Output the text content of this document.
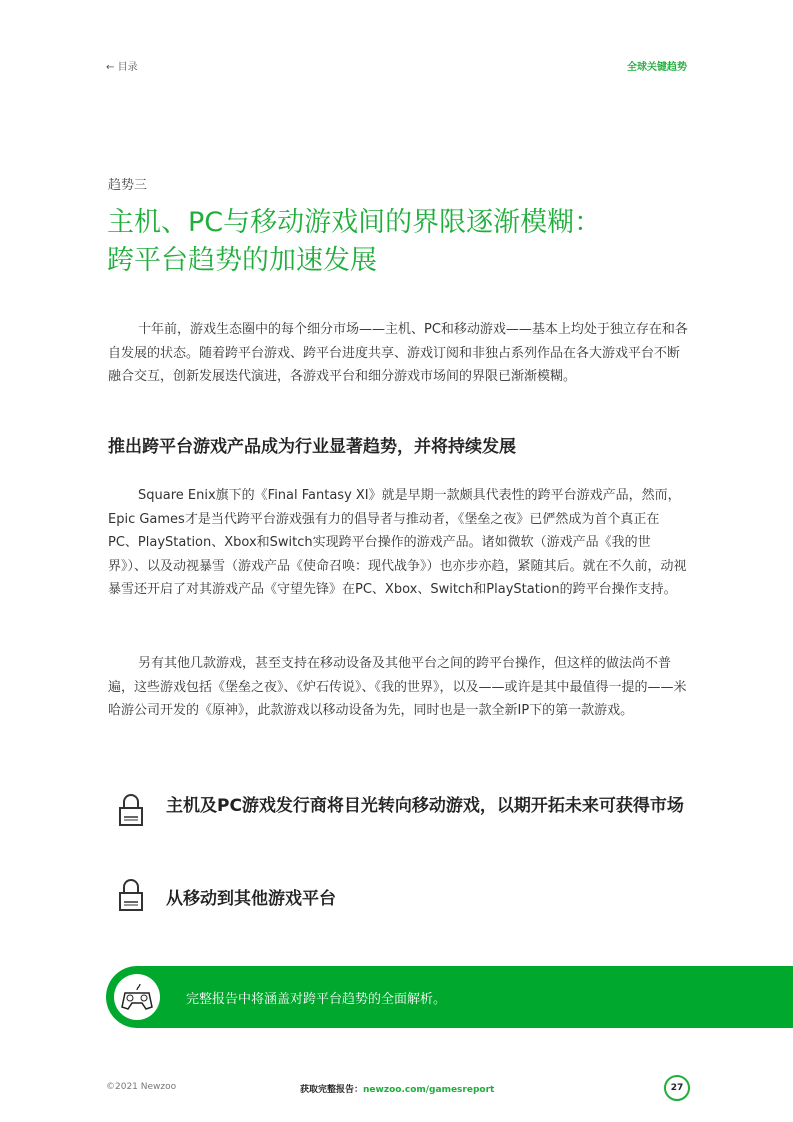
← 目录	全球关键趋势
趋势三
主机、PC与移动游戏间的界限逐渐模糊：
跨平台趋势的加速发展
十年前，游戏生态圈中的每个细分市场——主机、PC和移动游戏——基本上均处于独立存在和各自发展的状态。随着跨平台游戏、跨平台进度共享、游戏订阅和非独占系列作品在各大游戏平台不断融合交互，创新发展迭代演进，各游戏平台和细分游戏市场间的界限已渐渐模糊。
推出跨平台游戏产品成为行业显著趋势，并将持续发展
Square Enix旗下的《Final Fantasy XI》就是早期一款颇具代表性的跨平台游戏产品，然而， Epic Games才是当代跨平台游戏强有力的倡导者与推动者，《堡垒之夜》已俨然成为首个真正在PC、PlayStation、Xbox和Switch实现跨平台操作的游戏产品。诸如微软（游戏产品《我的世界》）、以及动视暴雪（游戏产品《使命召唤：现代战争》）也亦步亦趋，紧随其后。就在不久前，动视暴雪还开启了对其游戏产品《守望先锋》在PC、Xbox、Switch和PlayStation的跨平台操作支持。
另有其他几款游戏，甚至支持在移动设备及其他平台之间的跨平台操作，但这样的做法尚不普遍，这些游戏包括《堡垒之夜》、《炉石传说》、《我的世界》，以及——或许是其中最值得一提的——米哈游公司开发的《原神》，此款游戏以移动设备为先，同时也是一款全新IP下的第一款游戏。
主机及PC游戏发行商将目光转向移动游戏，以期开拓未来可获得市场
从移动到其他游戏平台
完整报告中将涵盖对跨平台趋势的全面解析。
©2021 Newzoo	获取完整报告：newzoo.com/gamesreport	27
